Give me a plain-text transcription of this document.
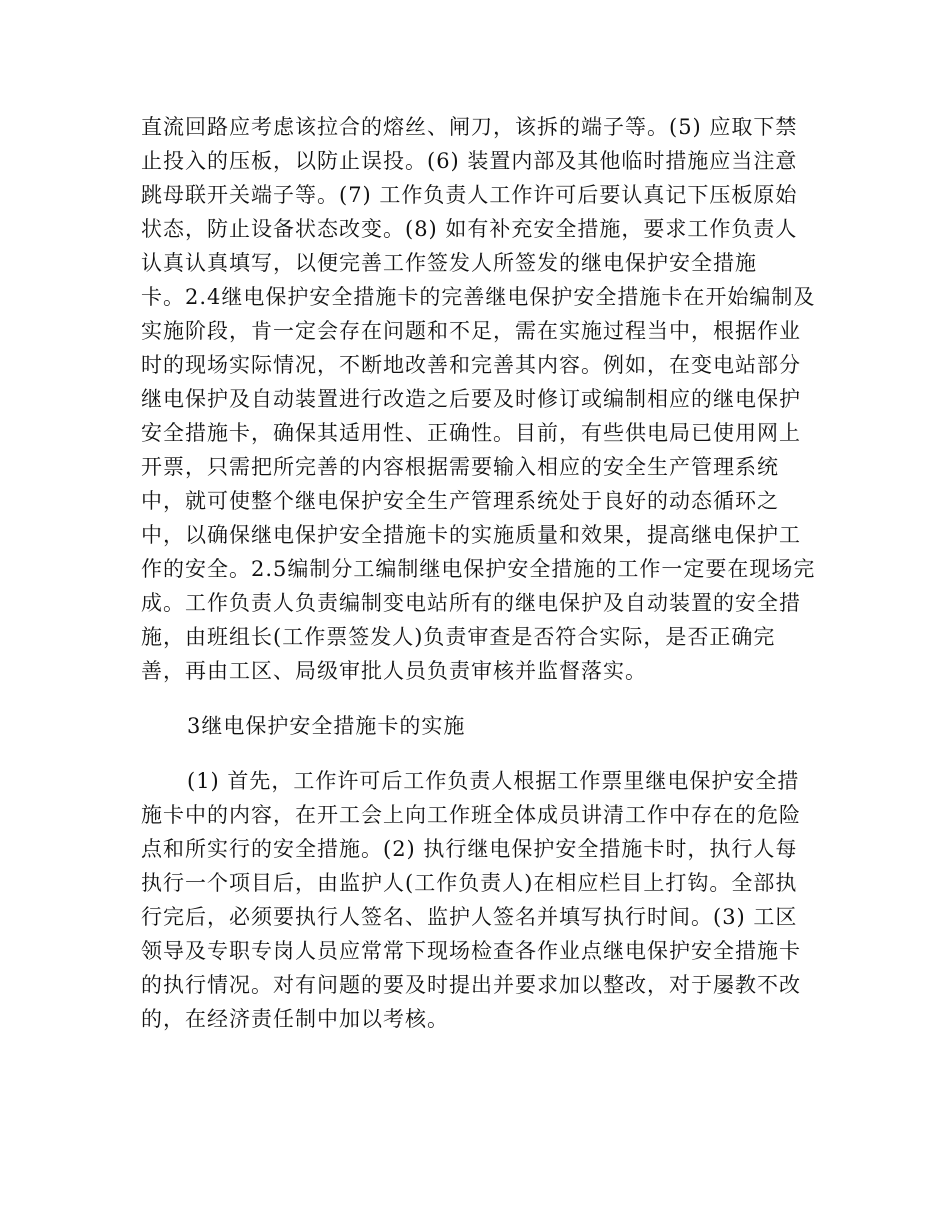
直流回路应考虑该拉合的熔丝、闸刀，该拆的端子等。(5) 应取下禁

止投入的压板，以防止误投。(6) 装置内部及其他临时措施应当注意

跳母联开关端子等。(7) 工作负责人工作许可后要认真记下压板原始

状态，防止设备状态改变。(8) 如有补充安全措施，要求工作负责人

认真认真填写，以便完善工作签发人所签发的继电保护安全措施

卡。2.4继电保护安全措施卡的完善继电保护安全措施卡在开始编制及

实施阶段，肯一定会存在问题和不足，需在实施过程当中，根据作业

时的现场实际情况，不断地改善和完善其内容。例如，在变电站部分

继电保护及自动装置进行改造之后要及时修订或编制相应的继电保护

安全措施卡，确保其适用性、正确性。目前，有些供电局已使用网上

开票，只需把所完善的内容根据需要输入相应的安全生产管理系统

中，就可使整个继电保护安全生产管理系统处于良好的动态循环之

中，以确保继电保护安全措施卡的实施质量和效果，提高继电保护工

作的安全。2.5编制分工编制继电保护安全措施的工作一定要在现场完

成。工作负责人负责编制变电站所有的继电保护及自动装置的安全措

施，由班组长(工作票签发人)负责审查是否符合实际，是否正确完

善，再由工区、局级审批人员负责审核并监督落实。

3继电保护安全措施卡的实施

(1) 首先，工作许可后工作负责人根据工作票里继电保护安全措

施卡中的内容，在开工会上向工作班全体成员讲清工作中存在的危险

点和所实行的安全措施。(2) 执行继电保护安全措施卡时，执行人每

执行一个项目后，由监护人(工作负责人)在相应栏目上打钩。全部执

行完后，必须要执行人签名、监护人签名并填写执行时间。(3) 工区

领导及专职专岗人员应常常下现场检查各作业点继电保护安全措施卡

的执行情况。对有问题的要及时提出并要求加以整改，对于屡教不改

的，在经济责任制中加以考核。
